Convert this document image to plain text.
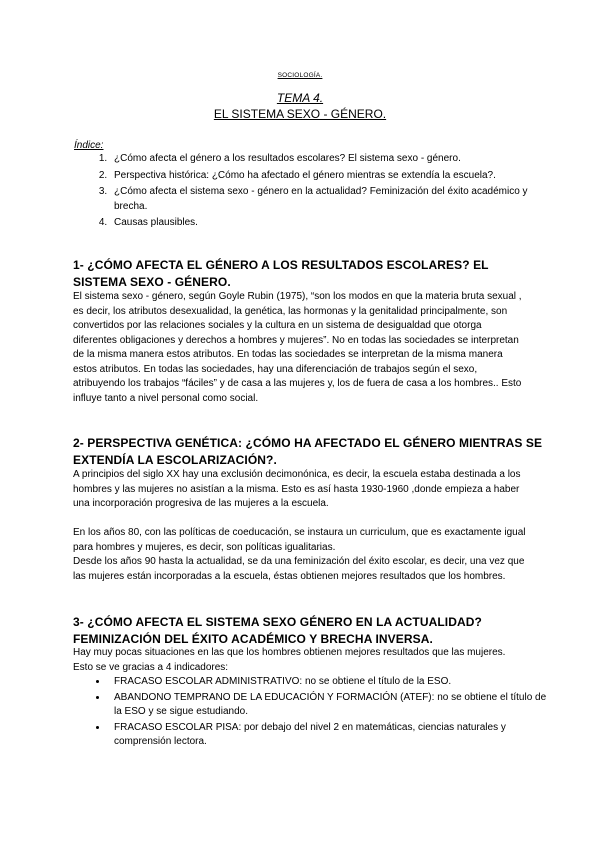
SOCIOLOGÍA.
TEMA 4.
EL SISTEMA SEXO - GÉNERO.
Índice:
1. ¿Cómo afecta el género a los resultados escolares? El sistema sexo - género.
2. Perspectiva histórica: ¿Cómo ha afectado el género mientras se extendía la escuela?.
3. ¿Cómo afecta el sistema sexo - género en la actualidad? Feminización del éxito académico y brecha.
4. Causas plausibles.

1- ¿CÓMO AFECTA EL GÉNERO A LOS RESULTADOS ESCOLARES? EL SISTEMA SEXO - GÉNERO.

El sistema sexo - género, según Goyle Rubin (1975), “son los modos en que la materia bruta sexual , es decir, los atributos desexualidad, la genética, las hormonas y la genitalidad principalmente, son convertidos por las relaciones sociales y la cultura en un sistema de desigualdad que otorga diferentes obligaciones y derechos a hombres y mujeres”. No en todas las sociedades se interpretan de la misma manera estos atributos. En todas las sociedades se interpretan de la misma manera estos atributos. En todas las sociedades, hay una diferenciación de trabajos según el sexo, atribuyendo los trabajos “fáciles” y de casa a las mujeres y, los de fuera de casa a los hombres.. Esto influye tanto a nivel personal como social.

2- PERSPECTIVA GENÉTICA: ¿CÓMO HA AFECTADO EL GÉNERO MIENTRAS SE EXTENDÍA LA ESCOLARIZACIÓN?.

A principios del siglo XX hay una exclusión decimonónica, es decir, la escuela estaba destinada a los hombres y las mujeres no asistían a la misma. Esto es así hasta 1930-1960 ,donde empieza a haber una incorporación progresiva de las mujeres a la escuela.

En los años 80, con las políticas de coeducación, se instaura un curriculum, que es exactamente igual para hombres y mujeres, es decir, son políticas igualitarias.

Desde los años 90 hasta la actualidad, se da una feminización del éxito escolar, es decir, una vez que las mujeres están incorporadas a la escuela, éstas obtienen mejores resultados que los hombres.

3- ¿CÓMO AFECTA EL SISTEMA SEXO GÉNERO EN LA ACTUALIDAD? FEMINIZACIÓN DEL ÉXITO ACADÉMICO Y BRECHA INVERSA.

Hay muy pocas situaciones en las que los hombres obtienen mejores resultados que las mujeres. Esto se ve gracias a 4 indicadores:

• FRACASO ESCOLAR ADMINISTRATIVO: no se obtiene el título de la ESO.
• ABANDONO TEMPRANO DE LA EDUCACIÓN Y FORMACIÓN (ATEF): no se obtiene el título de la ESO y se sigue estudiando.
• FRACASO ESCOLAR PISA: por debajo del nivel 2 en matemáticas, ciencias naturales y comprensión lectora.
